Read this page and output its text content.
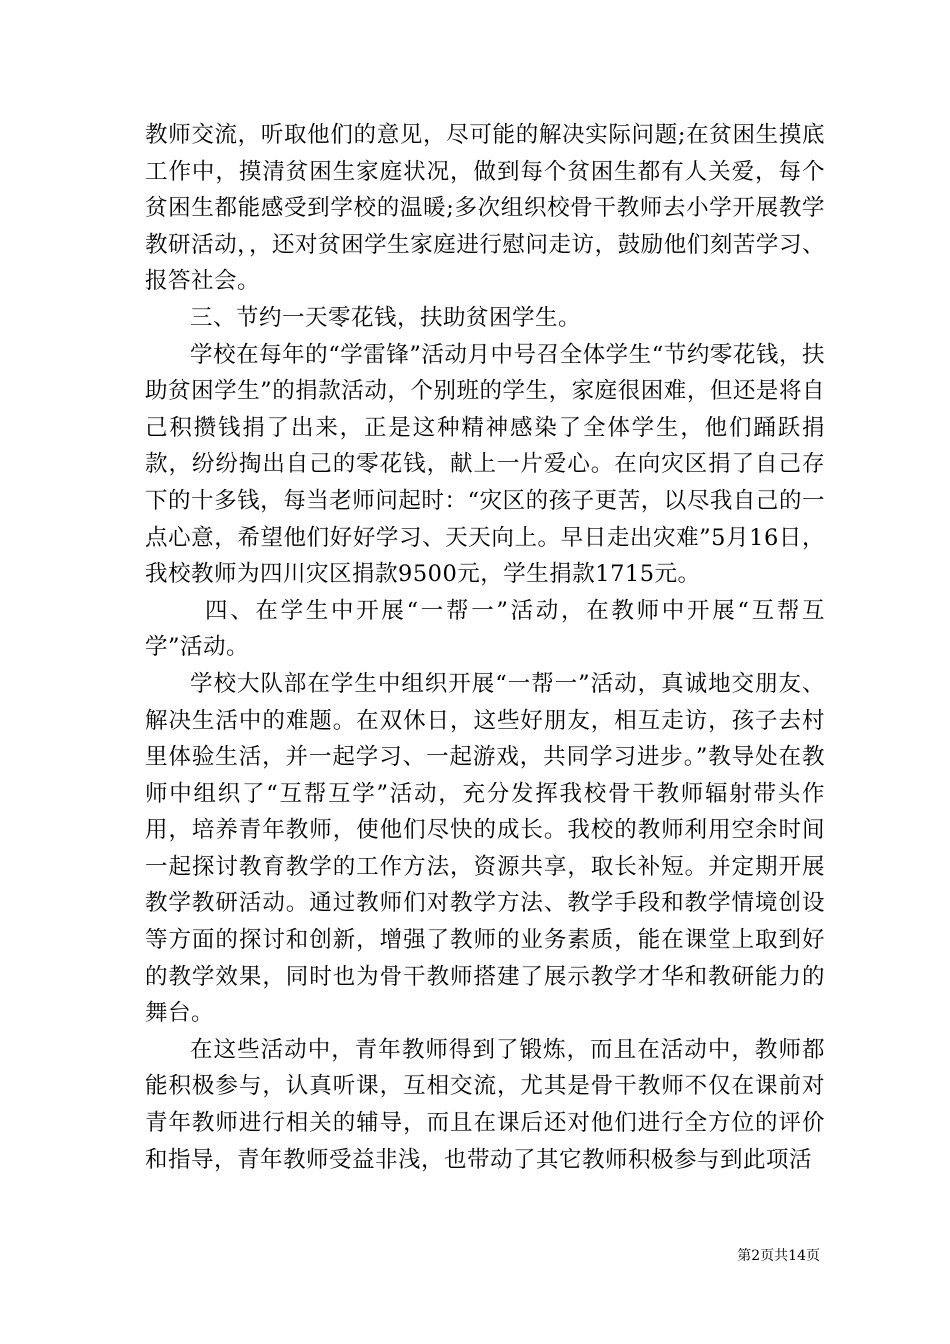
教师交流，听取他们的意见，尽可能的解决实际问题;在贫困生摸底工作中，摸清贫困生家庭状况，做到每个贫困生都有人关爱，每个贫困生都能感受到学校的温暖;多次组织校骨干教师去小学开展教学教研活动，，还对贫困学生家庭进行慰问走访，鼓励他们刻苦学习、报答社会。

三、节约一天零花钱，扶助贫困学生。

学校在每年的“学雷锋”活动月中号召全体学生“节约零花钱，扶助贫困学生”的捐款活动，个别班的学生，家庭很困难，但还是将自己积攒钱捐了出来，正是这种精神感染了全体学生，他们踊跃捐款，纷纷掏出自己的零花钱，献上一片爱心。在向灾区捐了自己存下的十多钱，每当老师问起时：“灾区的孩子更苦，以尽我自己的一点心意，希望他们好好学习、天天向上。早日走出灾难”5月16日，我校教师为四川灾区捐款9500元，学生捐款1715元。

四、在学生中开展“一帮一”活动，在教师中开展“互帮互学”活动。

学校大队部在学生中组织开展“一帮一”活动，真诚地交朋友、解决生活中的难题。在双休日，这些好朋友，相互走访，孩子去村里体验生活，并一起学习、一起游戏，共同学习进步。”教导处在教师中组织了“互帮互学”活动，充分发挥我校骨干教师辐射带头作用，培养青年教师，使他们尽快的成长。我校的教师利用空余时间一起探讨教育教学的工作方法，资源共享，取长补短。并定期开展教学教研活动。通过教师们对教学方法、教学手段和教学情境创设等方面的探讨和创新，增强了教师的业务素质，能在课堂上取到好的教学效果，同时也为骨干教师搭建了展示教学才华和教研能力的舞台。

在这些活动中，青年教师得到了锻炼，而且在活动中，教师都能积极参与，认真听课，互相交流，尤其是骨干教师不仅在课前对青年教师进行相关的辅导，而且在课后还对他们进行全方位的评价和指导，青年教师受益非浅，也带动了其它教师积极参与到此项活

第2页共14页
